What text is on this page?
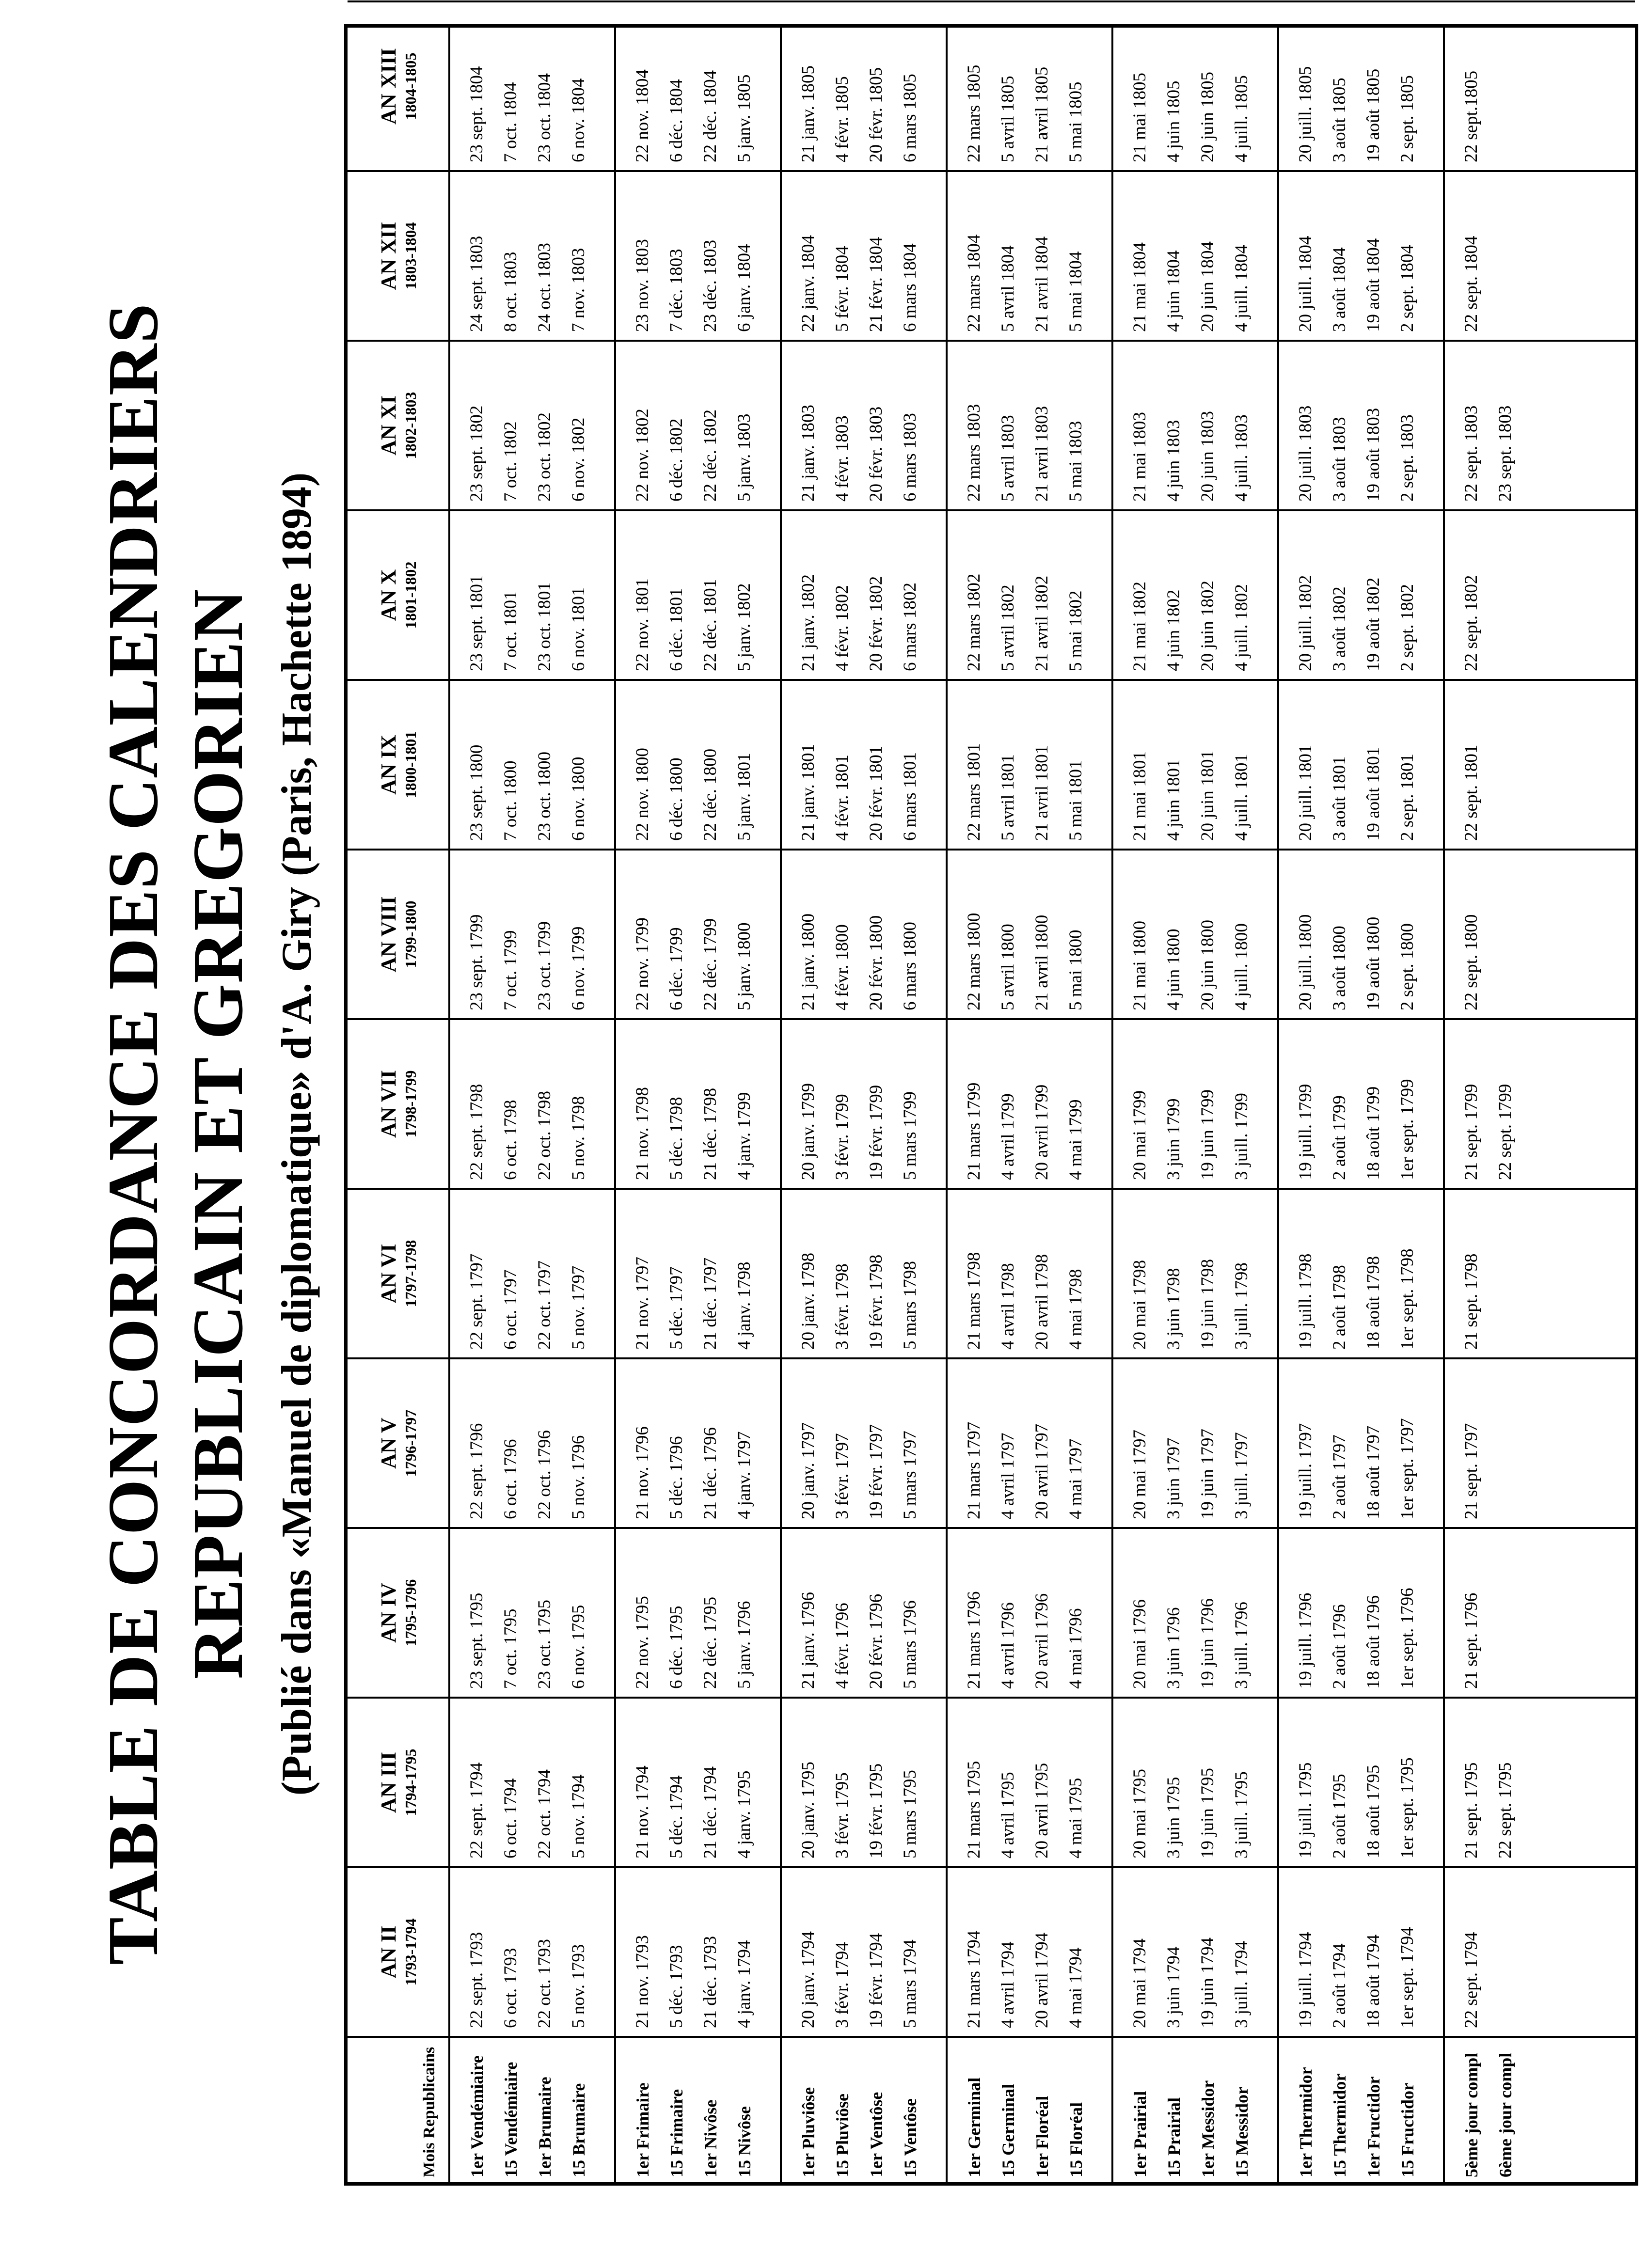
TABLE DE CONCORDANCE DES CALENDRIERS REPUBLICAIN ET GREGORIEN (Publié dans «Manuel de diplomatique» d'A. Giry (Paris, Hachette 1894)
Mois Republicains
AN II 1793-1794
AN III 1794-1795
AN IV 1795-1796
AN V 1796-1797
AN VI 1797-1798
AN VII 1798-1799
AN VIII 1799-1800
AN IX 1800-1801
AN X 1801-1802
AN XI 1802-1803
AN XII 1803-1804
AN XIII 1804-1805
1er Vendémiaire 15 Vendémiaire 1er Brumaire 15 Brumaire
22 sept. 1793 6 oct. 1793 22 oct. 1793 5 nov. 1793
22 sept. 1794 6 oct. 1794 22 oct. 1794 5 nov. 1794
23 sept. 1795 7 oct. 1795 23 oct. 1795 6 nov. 1795
22 sept. 1796 6 oct. 1796 22 oct. 1796 5 nov. 1796
22 sept. 1797 6 oct. 1797 22 oct. 1797 5 nov. 1797
22 sept. 1798 6 oct. 1798 22 oct. 1798 5 nov. 1798
23 sept. 1799 7 oct. 1799 23 oct. 1799 6 nov. 1799
23 sept. 1800 7 oct. 1800 23 oct. 1800 6 nov. 1800
23 sept. 1801 7 oct. 1801 23 oct. 1801 6 nov. 1801
23 sept. 1802 7 oct. 1802 23 oct. 1802 6 nov. 1802
24 sept. 1803 8 oct. 1803 24 oct. 1803 7 nov. 1803
23 sept. 1804 7 oct. 1804 23 oct. 1804 6 nov. 1804
1er Frimaire 15 Frimaire 1er Nivôse 15 Nivôse
21 nov. 1793 5 déc. 1793 21 déc. 1793 4 janv. 1794
21 nov. 1794 5 déc. 1794 21 déc. 1794 4 janv. 1795
22 nov. 1795 6 déc. 1795 22 déc. 1795 5 janv. 1796
21 nov. 1796 5 déc. 1796 21 déc. 1796 4 janv. 1797
21 nov. 1797 5 déc. 1797 21 déc. 1797 4 janv. 1798
21 nov. 1798 5 déc. 1798 21 déc. 1798 4 janv. 1799
22 nov. 1799 6 déc. 1799 22 déc. 1799 5 janv. 1800
22 nov. 1800 6 déc. 1800 22 déc. 1800 5 janv. 1801
22 nov. 1801 6 déc. 1801 22 déc. 1801 5 janv. 1802
22 nov. 1802 6 déc. 1802 22 déc. 1802 5 janv. 1803
23 nov. 1803 7 déc. 1803 23 déc. 1803 6 janv. 1804
22 nov. 1804 6 déc. 1804 22 déc. 1804 5 janv. 1805
1er Pluviôse 15 Pluviôse 1er Ventôse 15 Ventôse
20 janv. 1794 3 févr. 1794 19 févr. 1794 5 mars 1794
20 janv. 1795 3 févr. 1795 19 févr. 1795 5 mars 1795
21 janv. 1796 4 févr. 1796 20 févr. 1796 5 mars 1796
20 janv. 1797 3 févr. 1797 19 févr. 1797 5 mars 1797
20 janv. 1798 3 févr. 1798 19 févr. 1798 5 mars 1798
20 janv. 1799 3 févr. 1799 19 févr. 1799 5 mars 1799
21 janv. 1800 4 févr. 1800 20 févr. 1800 6 mars 1800
21 janv. 1801 4 févr. 1801 20 févr. 1801 6 mars 1801
21 janv. 1802 4 févr. 1802 20 févr. 1802 6 mars 1802
21 janv. 1803 4 févr. 1803 20 févr. 1803 6 mars 1803
22 janv. 1804 5 févr. 1804 21 févr. 1804 6 mars 1804
21 janv. 1805 4 févr. 1805 20 févr. 1805 6 mars 1805
1er Germinal 15 Germinal 1er Floréal 15 Floréal
21 mars 1794 4 avril 1794 20 avril 1794 4 mai 1794
21 mars 1795 4 avril 1795 20 avril 1795 4 mai 1795
21 mars 1796 4 avril 1796 20 avril 1796 4 mai 1796
21 mars 1797 4 avril 1797 20 avril 1797 4 mai 1797
21 mars 1798 4 avril 1798 20 avril 1798 4 mai 1798
21 mars 1799 4 avril 1799 20 avril 1799 4 mai 1799
22 mars 1800 5 avril 1800 21 avril 1800 5 mai 1800
22 mars 1801 5 avril 1801 21 avril 1801 5 mai 1801
22 mars 1802 5 avril 1802 21 avril 1802 5 mai 1802
22 mars 1803 5 avril 1803 21 avril 1803 5 mai 1803
22 mars 1804 5 avril 1804 21 avril 1804 5 mai 1804
22 mars 1805 5 avril 1805 21 avril 1805 5 mai 1805
1er Prairial 15 Prairial 1er Messidor 15 Messidor
20 mai 1794 3 juin 1794 19 juin 1794 3 juill. 1794
20 mai 1795 3 juin 1795 19 juin 1795 3 juill. 1795
20 mai 1796 3 juin 1796 19 juin 1796 3 juill. 1796
20 mai 1797 3 juin 1797 19 juin 1797 3 juill. 1797
20 mai 1798 3 juin 1798 19 juin 1798 3 juill. 1798
20 mai 1799 3 juin 1799 19 juin 1799 3 juill. 1799
21 mai 1800 4 juin 1800 20 juin 1800 4 juill. 1800
21 mai 1801 4 juin 1801 20 juin 1801 4 juill. 1801
21 mai 1802 4 juin 1802 20 juin 1802 4 juill. 1802
21 mai 1803 4 juin 1803 20 juin 1803 4 juill. 1803
21 mai 1804 4 juin 1804 20 juin 1804 4 juill. 1804
21 mai 1805 4 juin 1805 20 juin 1805 4 juill. 1805
1er Thermidor 15 Thermidor 1er Fructidor 15 Fructidor
19 juill. 1794 2 août 1794 18 août 1794 1er sept. 1794
19 juill. 1795 2 août 1795 18 août 1795 1er sept. 1795
19 juill. 1796 2 août 1796 18 août 1796 1er sept. 1796
19 juill. 1797 2 août 1797 18 août 1797 1er sept. 1797
19 juill. 1798 2 août 1798 18 août 1798 1er sept. 1798
19 juill. 1799 2 août 1799 18 août 1799 1er sept. 1799
20 juill. 1800 3 août 1800 19 août 1800 2 sept. 1800
20 juill. 1801 3 août 1801 19 août 1801 2 sept. 1801
20 juill. 1802 3 août 1802 19 août 1802 2 sept. 1802
20 juill. 1803 3 août 1803 19 août 1803 2 sept. 1803
20 juill. 1804 3 août 1804 19 août 1804 2 sept. 1804
20 juill. 1805 3 août 1805 19 août 1805 2 sept. 1805
5ème jour compl 6ème jour compl
22 sept. 1794
21 sept. 1795 22 sept. 1795
21 sept. 1796
21 sept. 1797
21 sept. 1798
21 sept. 1799 22 sept. 1799
22 sept. 1800
22 sept. 1801
22 sept. 1802
22 sept. 1803 23 sept. 1803
22 sept. 1804
22 sept.1805
